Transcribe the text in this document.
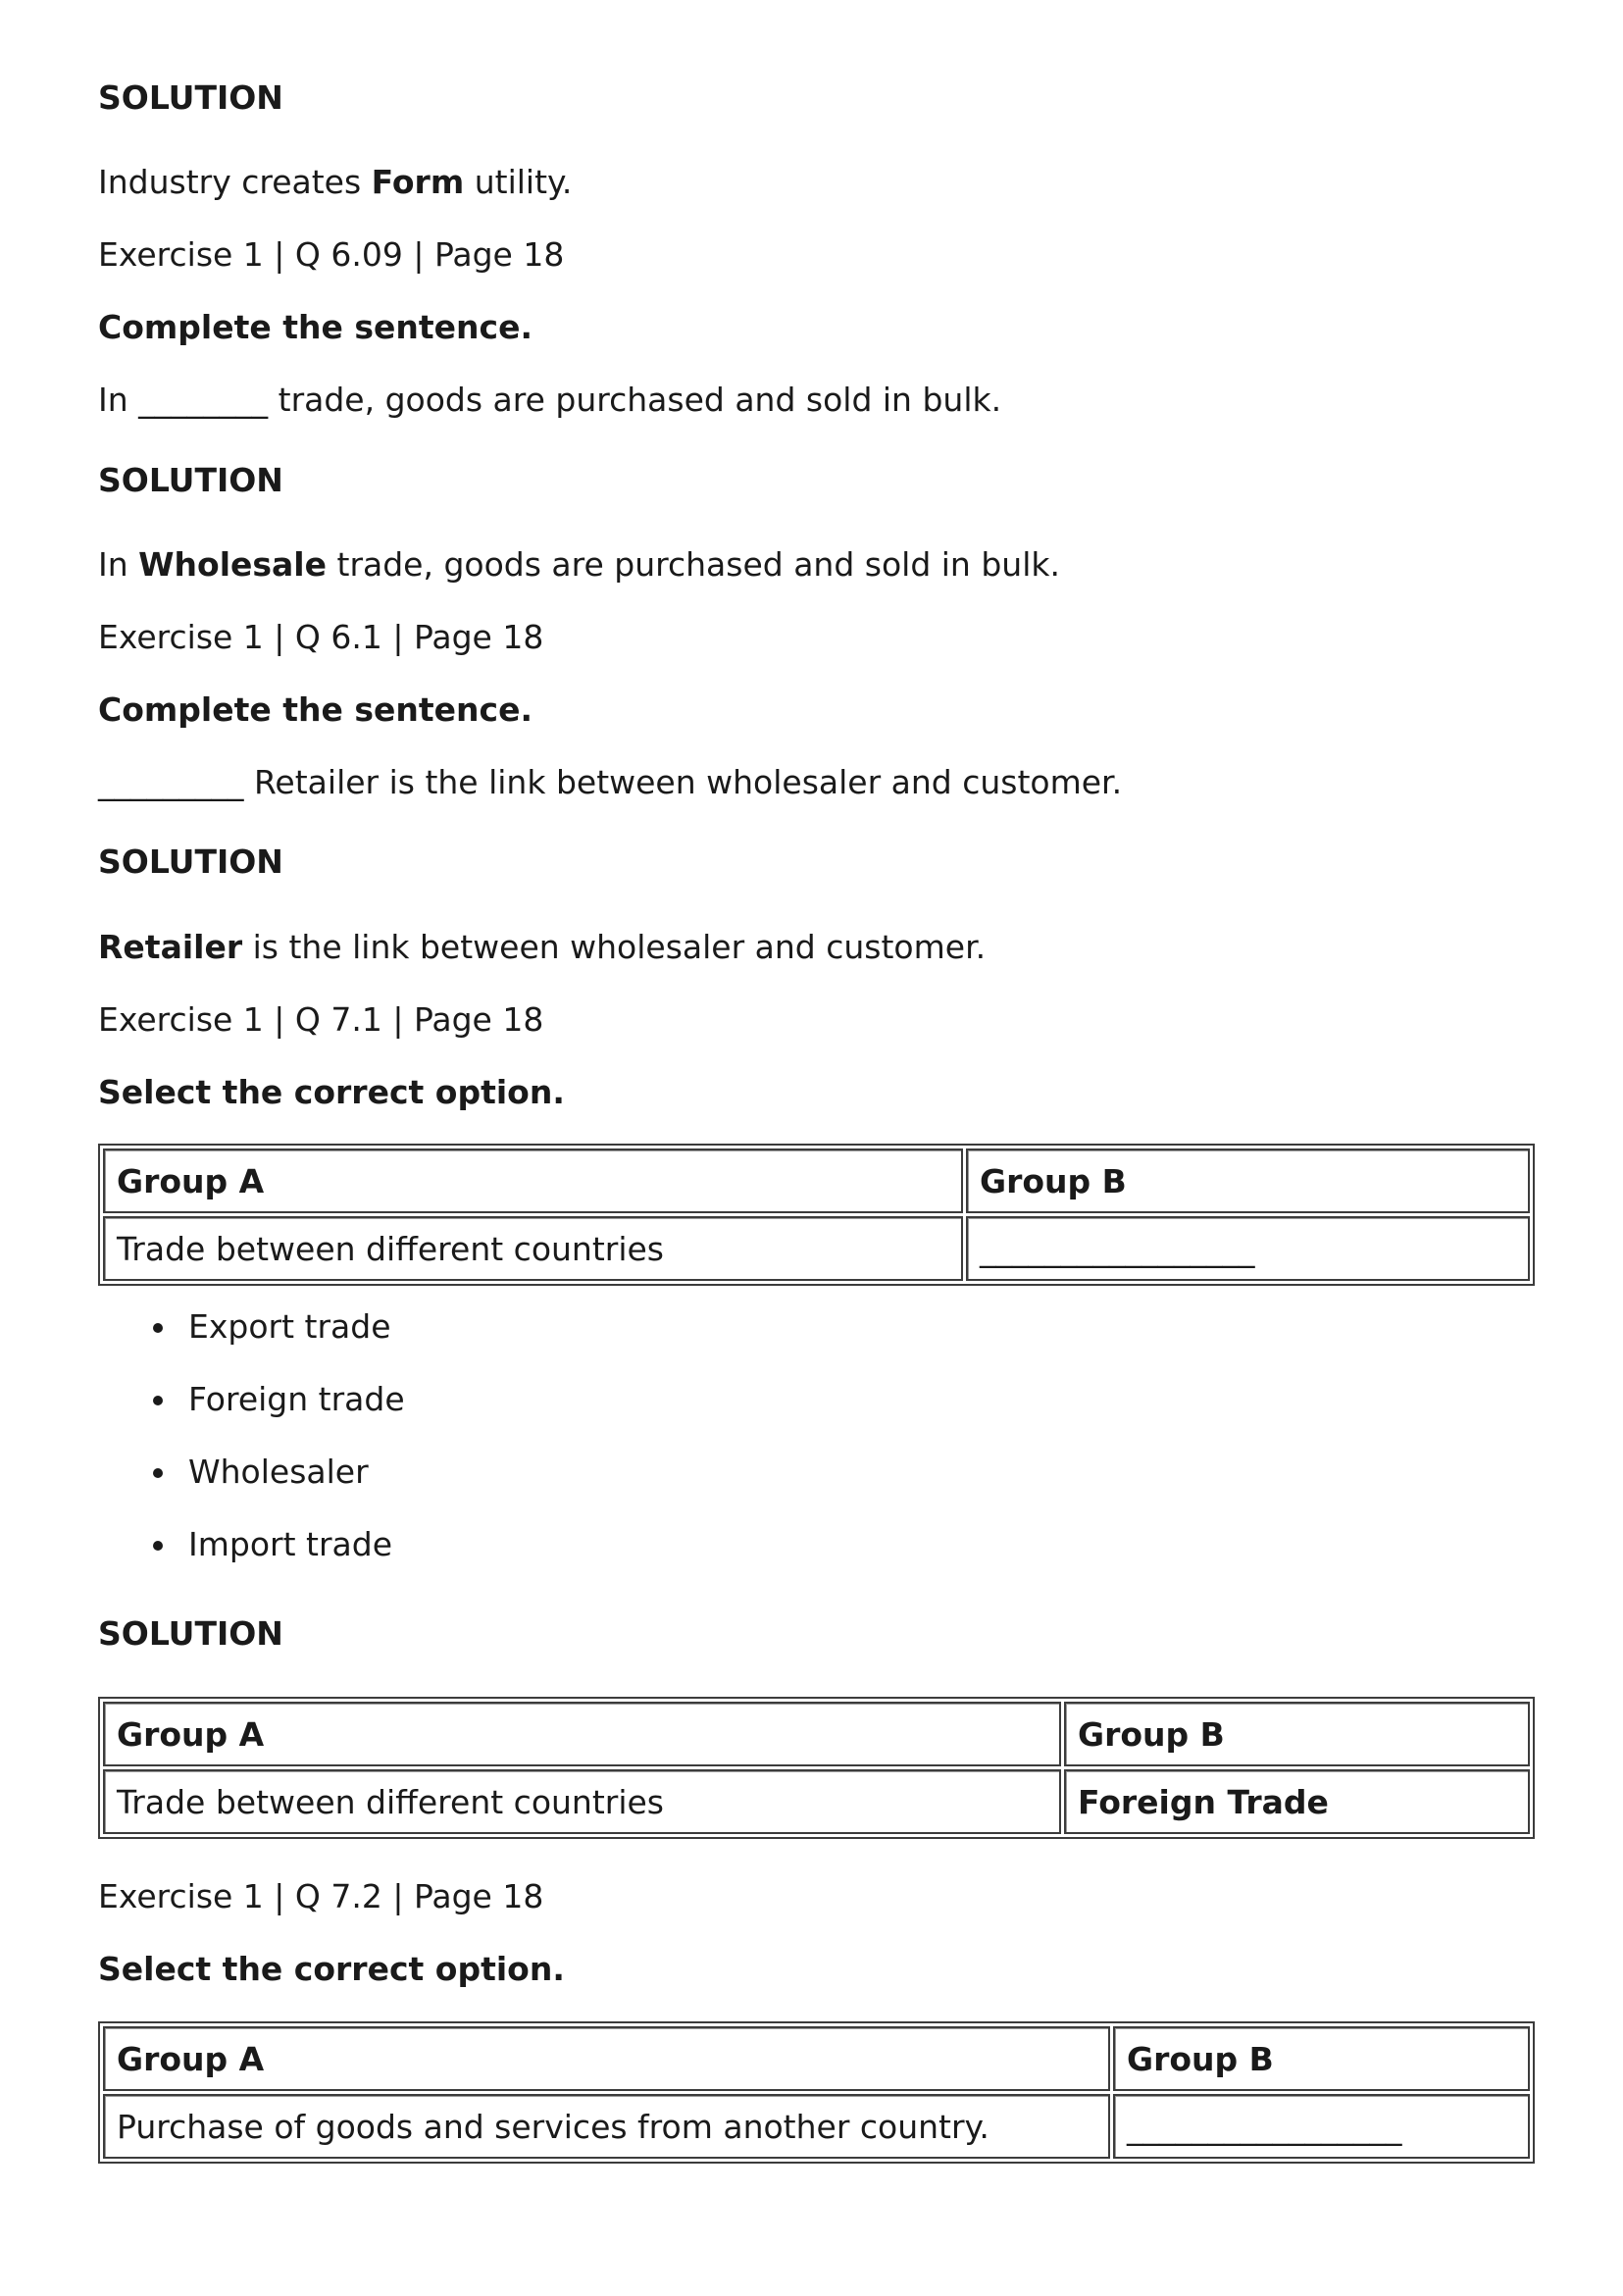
SOLUTION

Industry creates Form utility.

Exercise 1 | Q 6.09 | Page 18

Complete the sentence.

In ________ trade, goods are purchased and sold in bulk.

SOLUTION

In Wholesale trade, goods are purchased and sold in bulk.

Exercise 1 | Q 6.1 | Page 18

Complete the sentence.

_________ Retailer is the link between wholesaler and customer.

SOLUTION

Retailer is the link between wholesaler and customer.

Exercise 1 | Q 7.1 | Page 18

Select the correct option.

Group A	Group B
Trade between different countries	_________________
Export trade
Foreign trade
Wholesaler
Import trade

SOLUTION

Group A	Group B
Trade between different countries	Foreign Trade

Exercise 1 | Q 7.2 | Page 18

Select the correct option.

Group A	Group B
Purchase of goods and services from another country.	_________________
